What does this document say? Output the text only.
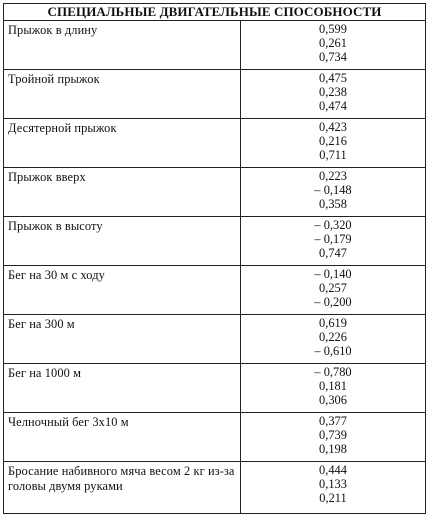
СПЕЦИАЛЬНЫЕ ДВИГАТЕЛЬНЫЕ СПОСОБНОСТИ	
Прыжок в длину	0,599
0,261
0,734

Тройной прыжок	0,475
0,238
0,474

Десятерной прыжок	0,423
0,216
0,711

Прыжок вверх	0,223
– 0,148
0,358

Прыжок в высоту	– 0,320
– 0,179
0,747

Бег на 30 м с ходу	– 0,140
0,257
– 0,200

Бег на 300 м	0,619
0,226
– 0,610

Бег на 1000 м	– 0,780
0,181
0,306

Челночный бег 3х10 м	0,377
0,739
0,198

Бросание набивного мяча весом 2 кг из-за головы двумя руками	0,444
0,133
0,211
